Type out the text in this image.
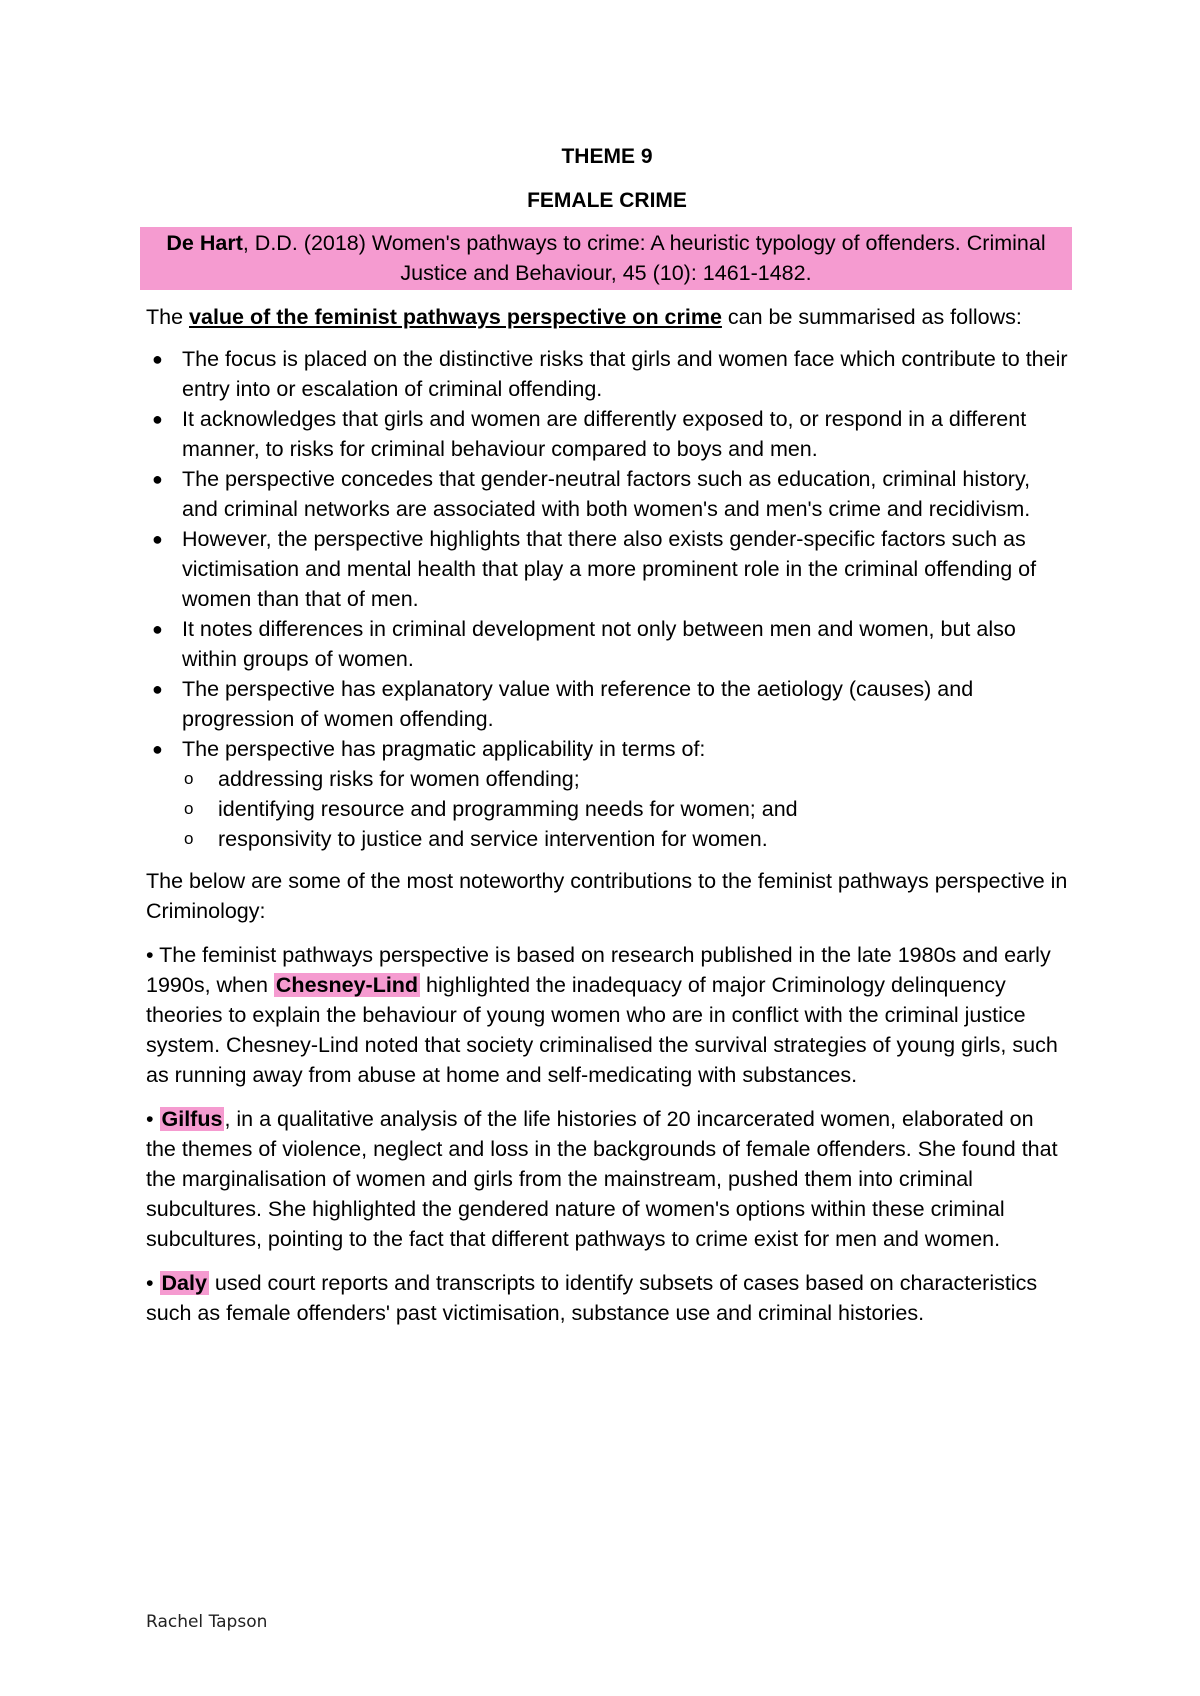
THEME 9
FEMALE CRIME
De Hart, D.D. (2018) Women's pathways to crime: A heuristic typology of offenders. Criminal Justice and Behaviour, 45 (10): 1461-1482.

The value of the feminist pathways perspective on crime can be summarised as follows:

● The focus is placed on the distinctive risks that girls and women face which contribute to their entry into or escalation of criminal offending.
● It acknowledges that girls and women are differently exposed to, or respond in a different manner, to risks for criminal behaviour compared to boys and men.
● The perspective concedes that gender-neutral factors such as education, criminal history, and criminal networks are associated with both women's and men's crime and recidivism.
● However, the perspective highlights that there also exists gender-specific factors such as victimisation and mental health that play a more prominent role in the criminal offending of women than that of men.
● It notes differences in criminal development not only between men and women, but also within groups of women.
● The perspective has explanatory value with reference to the aetiology (causes) and progression of women offending.
● The perspective has pragmatic applicability in terms of:
o addressing risks for women offending;
o identifying resource and programming needs for women; and
o responsivity to justice and service intervention for women.

The below are some of the most noteworthy contributions to the feminist pathways perspective in Criminology:

• The feminist pathways perspective is based on research published in the late 1980s and early 1990s, when Chesney-Lind highlighted the inadequacy of major Criminology delinquency theories to explain the behaviour of young women who are in conflict with the criminal justice system. Chesney-Lind noted that society criminalised the survival strategies of young girls, such as running away from abuse at home and self-medicating with substances.

• Gilfus, in a qualitative analysis of the life histories of 20 incarcerated women, elaborated on the themes of violence, neglect and loss in the backgrounds of female offenders. She found that the marginalisation of women and girls from the mainstream, pushed them into criminal subcultures. She highlighted the gendered nature of women's options within these criminal subcultures, pointing to the fact that different pathways to crime exist for men and women.

• Daly used court reports and transcripts to identify subsets of cases based on characteristics such as female offenders' past victimisation, substance use and criminal histories.

Rachel Tapson
